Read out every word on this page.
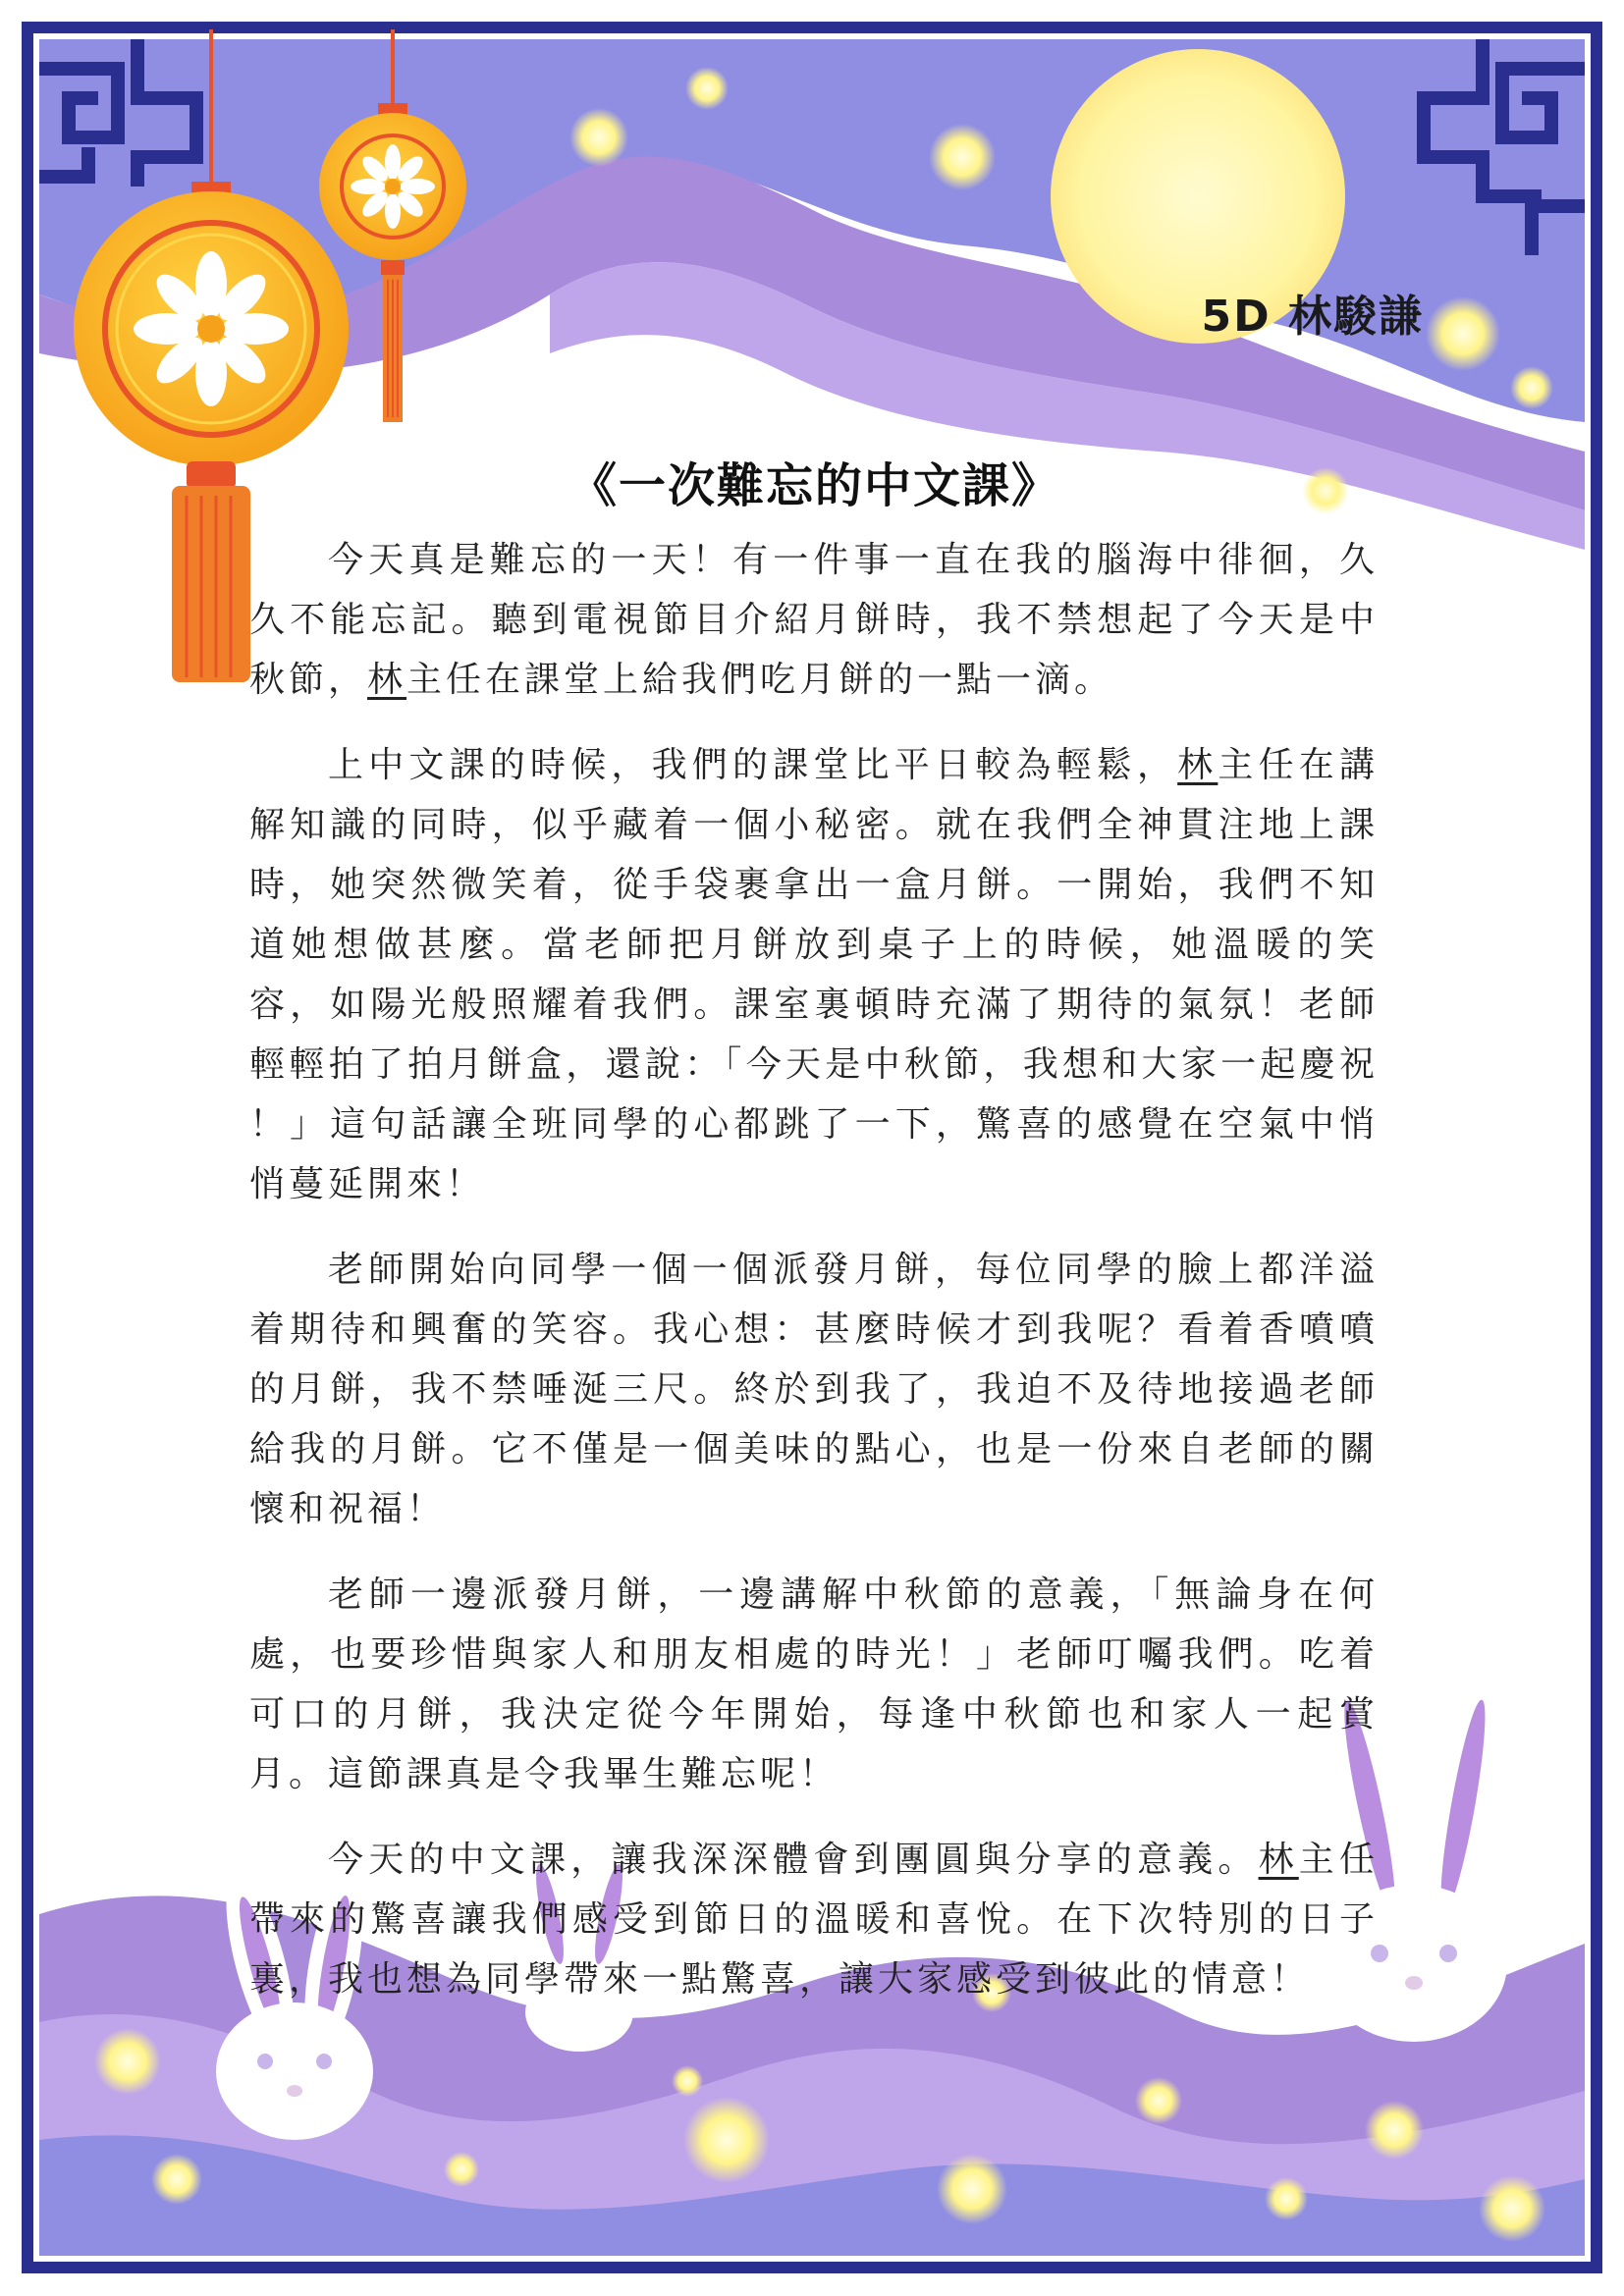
5D 林駿謙
《一次難忘的中文課》

今天真是難忘的一天！有一件事一直在我的腦海中徘徊，久久不能忘記。聽到電視節目介紹月餅時，我不禁想起了今天是中秋節，林主任在課堂上給我們吃月餅的一點一滴。

上中文課的時候，我們的課堂比平日較為輕鬆，林主任在講解知識的同時，似乎藏着一個小秘密。就在我們全神貫注地上課時，她突然微笑着，從手袋裹拿出一盒月餅。一開始，我們不知道她想做甚麼。當老師把月餅放到桌子上的時候，她溫暖的笑容，如陽光般照耀着我們。課室裏頓時充滿了期待的氣氛！老師輕輕拍了拍月餅盒，還說：「今天是中秋節，我想和大家一起慶祝 ！」這句話讓全班同學的心都跳了一下，驚喜的感覺在空氣中悄悄蔓延開來！

老師開始向同學一個一個派發月餅，每位同學的臉上都洋溢着期待和興奮的笑容。我心想：甚麼時候才到我呢？看着香噴噴的月餅，我不禁唾涎三尺。終於到我了，我迫不及待地接過老師給我的月餅。它不僅是一個美味的點心，也是一份來自老師的關懷和祝福！

老師一邊派發月餅，一邊講解中秋節的意義，「無論身在何處，也要珍惜與家人和朋友相處的時光！」老師叮囑我們。吃着可口的月餅，我決定從今年開始，每逢中秋節也和家人一起賞月。這節課真是令我畢生難忘呢！

今天的中文課，讓我深深體會到團圓與分享的意義。林主任帶來的驚喜讓我們感受到節日的溫暖和喜悅。在下次特別的日子裏，我也想為同學帶來一點驚喜，讓大家感受到彼此的情意！
